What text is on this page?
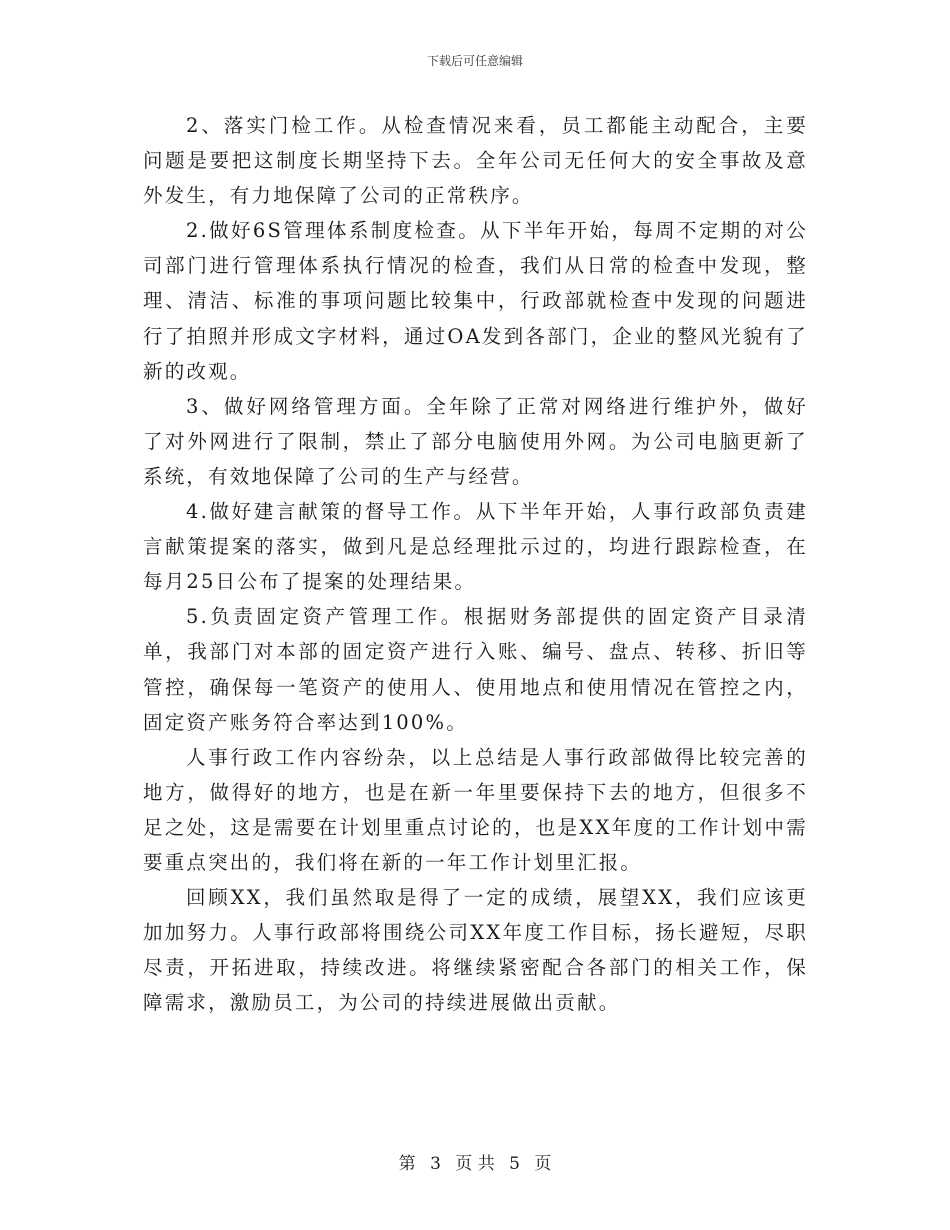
下载后可任意编辑

2、落实门检工作。从检查情况来看，员工都能主动配合，主要问题是要把这制度长期坚持下去。全年公司无任何大的安全事故及意外发生，有力地保障了公司的正常秩序。

2.做好6S管理体系制度检查。从下半年开始，每周不定期的对公司部门进行管理体系执行情况的检查，我们从日常的检查中发现，整理、清洁、标准的事项问题比较集中，行政部就检查中发现的问题进行了拍照并形成文字材料，通过OA发到各部门，企业的整风光貌有了新的改观。

3、做好网络管理方面。全年除了正常对网络进行维护外，做好了对外网进行了限制，禁止了部分电脑使用外网。为公司电脑更新了系统，有效地保障了公司的生产与经营。

4.做好建言献策的督导工作。从下半年开始，人事行政部负责建言献策提案的落实，做到凡是总经理批示过的，均进行跟踪检查，在每月25日公布了提案的处理结果。

5.负责固定资产管理工作。根据财务部提供的固定资产目录清单，我部门对本部的固定资产进行入账、编号、盘点、转移、折旧等管控，确保每一笔资产的使用人、使用地点和使用情况在管控之内，固定资产账务符合率达到100%。

人事行政工作内容纷杂，以上总结是人事行政部做得比较完善的地方，做得好的地方，也是在新一年里要保持下去的地方，但很多不足之处，这是需要在计划里重点讨论的，也是XX年度的工作计划中需要重点突出的，我们将在新的一年工作计划里汇报。

回顾XX，我们虽然取是得了一定的成绩，展望XX，我们应该更加加努力。人事行政部将围绕公司XX年度工作目标，扬长避短，尽职尽责，开拓进取，持续改进。将继续紧密配合各部门的相关工作，保障需求，激励员工，为公司的持续进展做出贡献。

第 3 页 共 5 页
